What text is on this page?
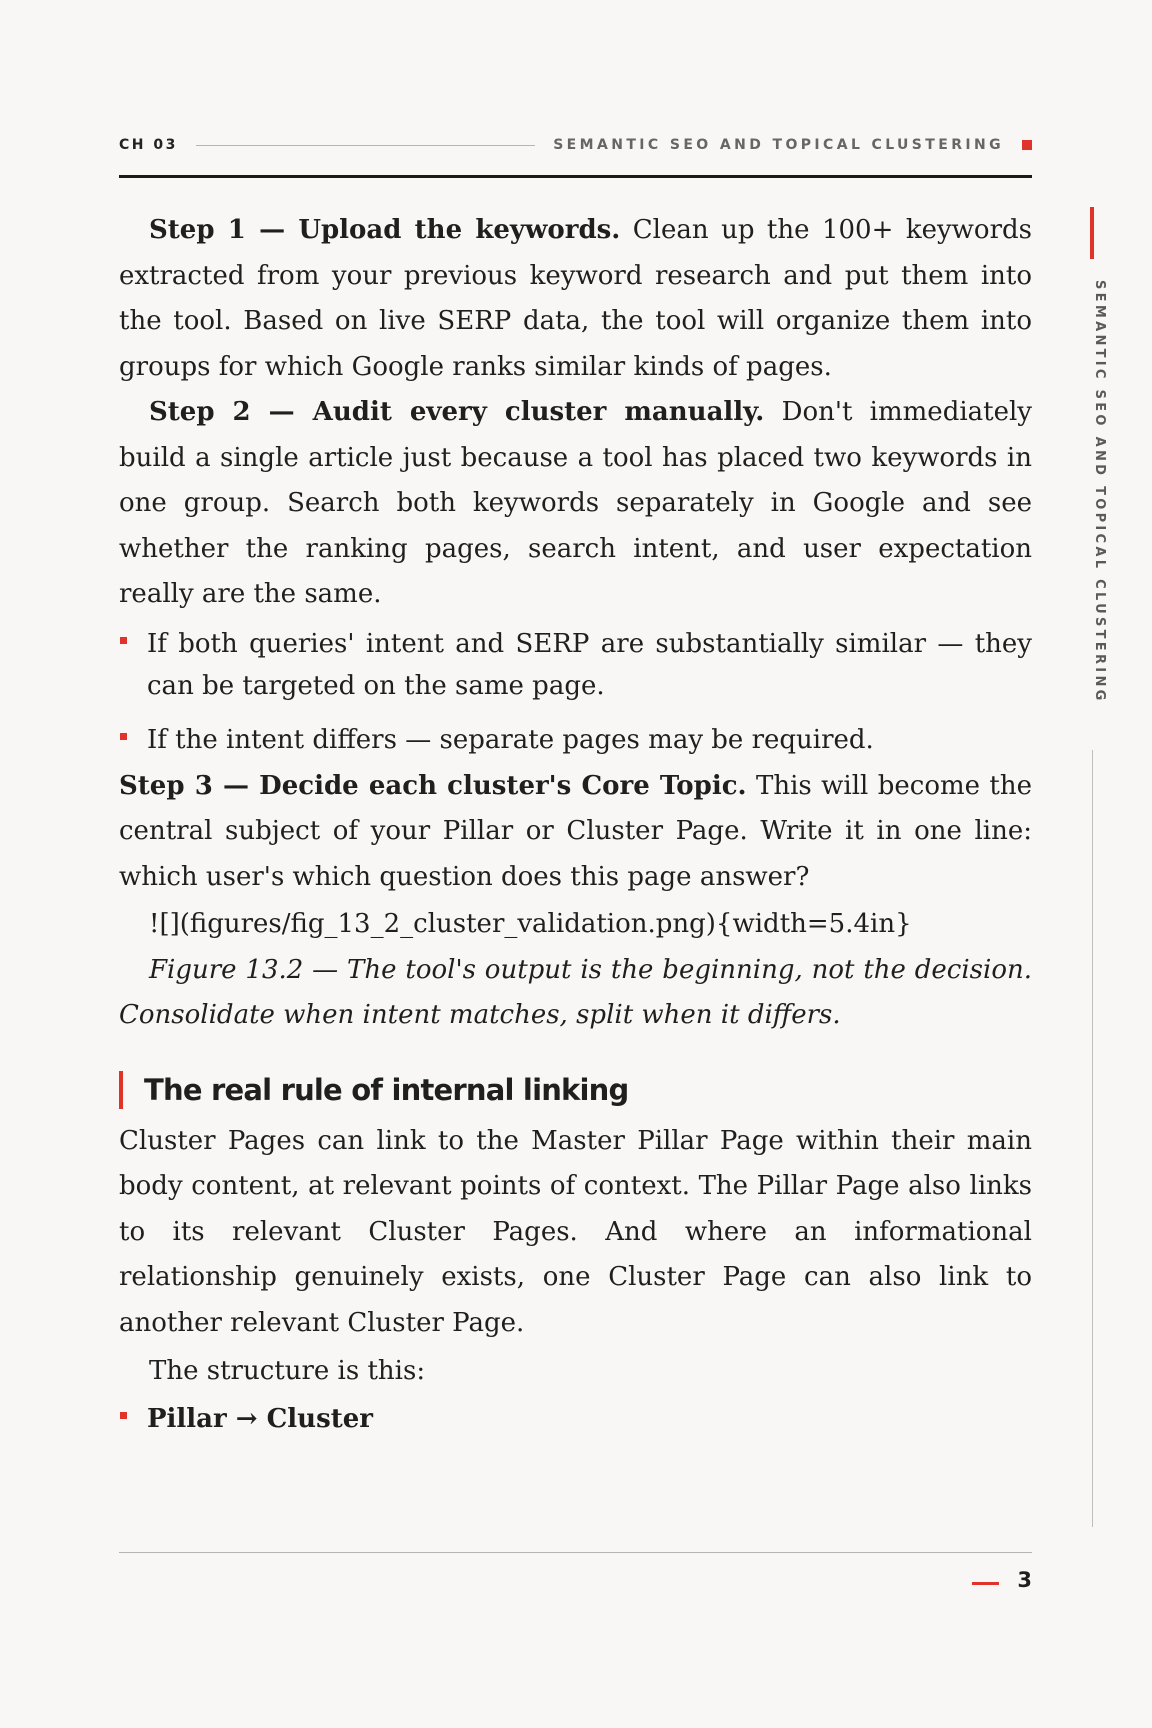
CH 03	SEMANTIC SEO AND TOPICAL CLUSTERING
SEMANTIC SEO AND TOPICAL CLUSTERING

Step 1 — Upload the keywords. Clean up the 100+ keywords extracted from your previous keyword research and put them into the tool. Based on live SERP data, the tool will organize them into groups for which Google ranks similar kinds of pages.

Step 2 — Audit every cluster manually. Don't immediately build a single article just because a tool has placed two keywords in one group. Search both keywords separately in Google and see whether the ranking pages, search intent, and user expectation really are the same.

If both queries' intent and SERP are substantially similar — they can be targeted on the same page.
If the intent differs — separate pages may be required.

Step 3 — Decide each cluster's Core Topic. This will become the central subject of your Pillar or Cluster Page. Write it in one line: which user's which question does this page answer?

![](figures/fig_13_2_cluster_validation.png){width=5.4in}

Figure 13.2 — The tool's output is the beginning, not the decision. Consolidate when intent matches, split when it differs.

The real rule of internal linking

Cluster Pages can link to the Master Pillar Page within their main body content, at relevant points of context. The Pillar Page also links to its relevant Cluster Pages. And where an informational relationship genuinely exists, one Cluster Page can also link to another relevant Cluster Page.

The structure is this:

Pillar → Cluster
3
